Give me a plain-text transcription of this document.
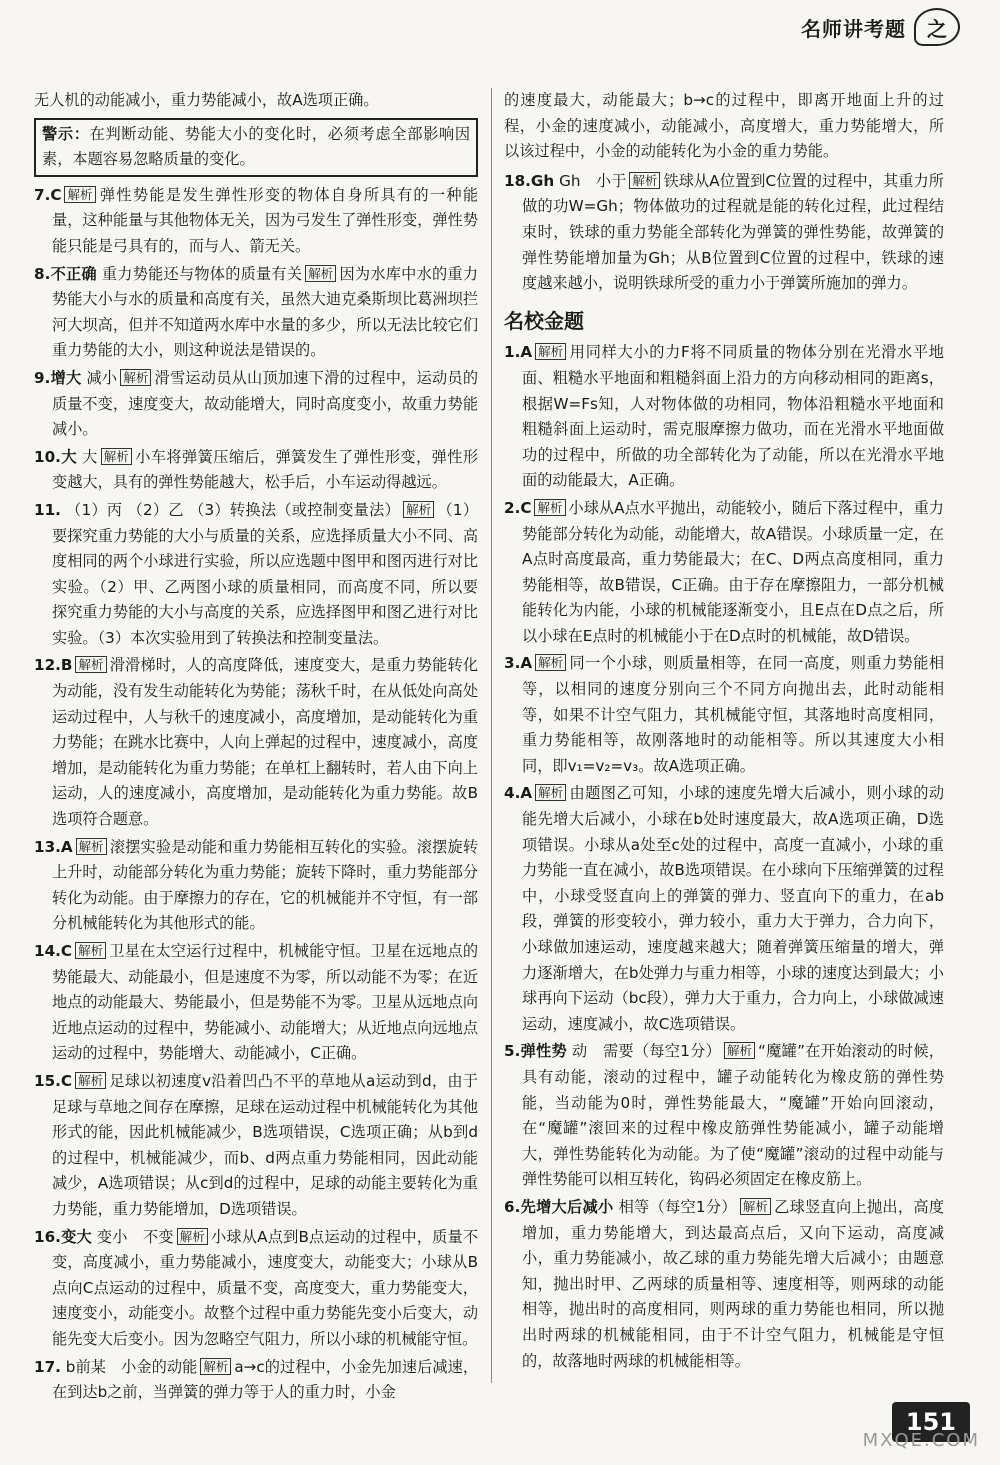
名师讲考题	之
无人机的动能减小，重力势能减小，故A选项正确。
警示：在判断动能、势能大小的变化时，必须考虑全部影响因素，本题容易忽略质量的变化。
7.C 解析 弹性势能是发生弹性形变的物体自身所具有的一种能量，这种能量与其他物体无关，因为弓发生了弹性形变，弹性势能只能是弓具有的，而与人、箭无关。
8.不正确 重力势能还与物体的质量有关 解析 因为水库中水的重力势能大小与水的质量和高度有关，虽然大迪克桑斯坝比葛洲坝拦河大坝高，但并不知道两水库中水量的多少，所以无法比较它们重力势能的大小，则这种说法是错误的。
9.增大 减小 解析 滑雪运动员从山顶加速下滑的过程中，运动员的质量不变，速度变大，故动能增大，同时高度变小，故重力势能减小。
10.大 大 解析 小车将弹簧压缩后，弹簧发生了弹性形变，弹性形变越大，具有的弹性势能越大，松手后，小车运动得越远。
11. （1）丙 （2）乙 （3）转换法（或控制变量法） 解析 （1）要探究重力势能的大小与质量的关系，应选择质量大小不同、高度相同的两个小球进行实验，所以应选题中图甲和图丙进行对比实验。（2）甲、乙两图小球的质量相同，而高度不同，所以要探究重力势能的大小与高度的关系，应选择图甲和图乙进行对比实验。（3）本次实验用到了转换法和控制变量法。
12.B 解析 滑滑梯时，人的高度降低，速度变大，是重力势能转化为动能，没有发生动能转化为势能；荡秋千时，在从低处向高处运动过程中，人与秋千的速度减小，高度增加，是动能转化为重力势能；在跳水比赛中，人向上弹起的过程中，速度减小，高度增加，是动能转化为重力势能；在单杠上翻转时，若人由下向上运动，人的速度减小，高度增加，是动能转化为重力势能。故B选项符合题意。
13.A 解析 滚摆实验是动能和重力势能相互转化的实验。滚摆旋转上升时，动能部分转化为重力势能；旋转下降时，重力势能部分转化为动能。由于摩擦力的存在，它的机械能并不守恒，有一部分机械能转化为其他形式的能。
14.C 解析 卫星在太空运行过程中，机械能守恒。卫星在远地点的势能最大、动能最小，但是速度不为零，所以动能不为零；在近地点的动能最大、势能最小，但是势能不为零。卫星从远地点向近地点运动的过程中，势能减小、动能增大；从近地点向远地点运动的过程中，势能增大、动能减小，C正确。
15.C 解析 足球以初速度v沿着凹凸不平的草地从a运动到d，由于足球与草地之间存在摩擦，足球在运动过程中机械能转化为其他形式的能，因此机械能减少，B选项错误，C选项正确；从b到d的过程中，机械能减少，而b、d两点重力势能相同，因此动能减少，A选项错误；从c到d的过程中，足球的动能主要转化为重力势能，重力势能增加，D选项错误。
16.变大 变小　不变 解析 小球从A点到B点运动的过程中，质量不变，高度减小，重力势能减小，速度变大，动能变大；小球从B点向C点运动的过程中，质量不变，高度变大，重力势能变大，速度变小，动能变小。故整个过程中重力势能先变小后变大，动能先变大后变小。因为忽略空气阻力，所以小球的机械能守恒。
17. b前某　小金的动能 解析 a→c的过程中，小金先加速后减速，在到达b之前，当弹簧的弹力等于人的重力时，小金
的速度最大，动能最大；b→c的过程中，即离开地面上升的过程，小金的速度减小，动能减小，高度增大，重力势能增大，所以该过程中，小金的动能转化为小金的重力势能。
18.Gh Gh　小于 解析 铁球从A位置到C位置的过程中，其重力所做的功W=Gh；物体做功的过程就是能的转化过程，此过程结束时，铁球的重力势能全部转化为弹簧的弹性势能，故弹簧的弹性势能增加量为Gh；从B位置到C位置的过程中，铁球的速度越来越小，说明铁球所受的重力小于弹簧所施加的弹力。
名校金题
1.A 解析 用同样大小的力F将不同质量的物体分别在光滑水平地面、粗糙水平地面和粗糙斜面上沿力的方向移动相同的距离s，根据W=Fs知，人对物体做的功相同，物体沿粗糙水平地面和粗糙斜面上运动时，需克服摩擦力做功，而在光滑水平地面做功的过程中，所做的功全部转化为了动能，所以在光滑水平地面的动能最大，A正确。
2.C 解析 小球从A点水平抛出，动能较小，随后下落过程中，重力势能部分转化为动能，动能增大，故A错误。小球质量一定，在A点时高度最高，重力势能最大；在C、D两点高度相同，重力势能相等，故B错误，C正确。由于存在摩擦阻力，一部分机械能转化为内能，小球的机械能逐渐变小，且E点在D点之后，所以小球在E点时的机械能小于在D点时的机械能，故D错误。
3.A 解析 同一个小球，则质量相等，在同一高度，则重力势能相等，以相同的速度分别向三个不同方向抛出去，此时动能相等，如果不计空气阻力，其机械能守恒，其落地时高度相同，重力势能相等，故刚落地时的动能相等。所以其速度大小相同，即v₁=v₂=v₃。故A选项正确。
4.A 解析 由题图乙可知，小球的速度先增大后减小，则小球的动能先增大后减小，小球在b处时速度最大，故A选项正确，D选项错误。小球从a处至c处的过程中，高度一直减小，小球的重力势能一直在减小，故B选项错误。在小球向下压缩弹簧的过程中，小球受竖直向上的弹簧的弹力、竖直向下的重力，在ab段，弹簧的形变较小，弹力较小，重力大于弹力，合力向下，小球做加速运动，速度越来越大；随着弹簧压缩量的增大，弹力逐渐增大，在b处弹力与重力相等，小球的速度达到最大；小球再向下运动（bc段），弹力大于重力，合力向上，小球做减速运动，速度减小，故C选项错误。
5.弹性势 动　需要（每空1分） 解析 “魔罐”在开始滚动的时候，具有动能，滚动的过程中，罐子动能转化为橡皮筋的弹性势能，当动能为0时，弹性势能最大，“魔罐”开始向回滚动，在“魔罐”滚回来的过程中橡皮筋弹性势能减小，罐子动能增大，弹性势能转化为动能。为了使“魔罐”滚动的过程中动能与弹性势能可以相互转化，钩码必须固定在橡皮筋上。
6.先增大后减小 相等（每空1分） 解析 乙球竖直向上抛出，高度增加，重力势能增大，到达最高点后，又向下运动，高度减小，重力势能减小，故乙球的重力势能先增大后减小；由题意知，抛出时甲、乙两球的质量相等、速度相等，则两球的动能相等，抛出时的高度相同，则两球的重力势能也相同，所以抛出时两球的机械能相同，由于不计空气阻力，机械能是守恒的，故落地时两球的机械能相等。
151
MXQE.COM
